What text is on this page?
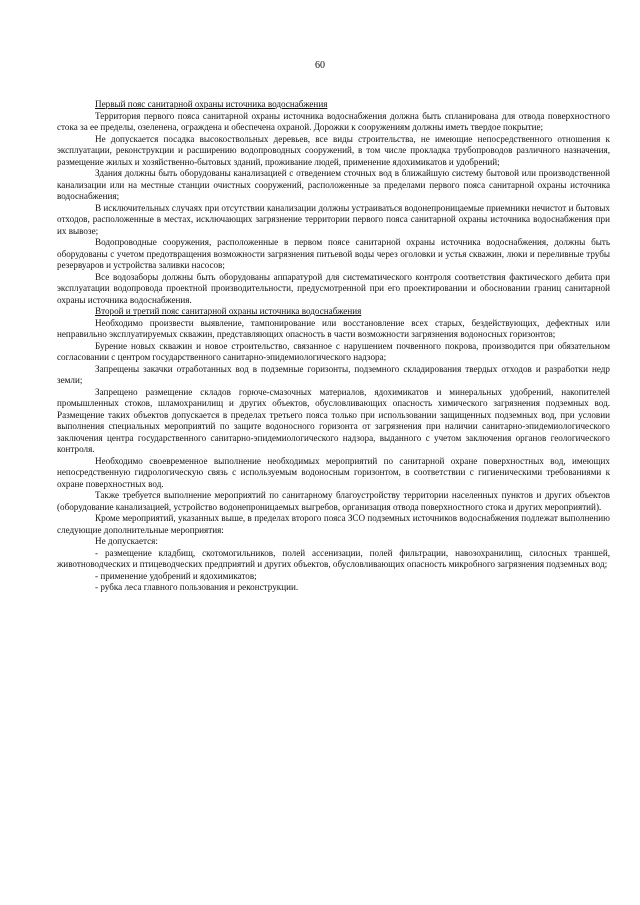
60

Первый пояс санитарной охраны источника водоснабжения

Территория первого пояса санитарной охраны источника водоснабжения должна быть спланирована для отвода поверхностного стока за ее пределы, озеленена, ограждена и обеспечена охраной. Дорожки к сооружениям должны иметь твердое покрытие;

Не допускается посадка высокоствольных деревьев, все виды строительства, не имеющие непосредственного отношения к эксплуатации, реконструкции и расширению водопроводных сооружений, в том числе прокладка трубопроводов различного назначения, размещение жилых и хозяйственно-бытовых зданий, проживание людей, применение ядохимикатов и удобрений;

Здания должны быть оборудованы канализацией с отведением сточных вод в ближайшую систему бытовой или производственной канализации или на местные станции очистных сооружений, расположенные за пределами первого пояса санитарной охраны источника водоснабжения;

В исключительных случаях при отсутствии канализации должны устраиваться водонепроницаемые приемники нечистот и бытовых отходов, расположенные в местах, исключающих загрязнение территории первого пояса санитарной охраны источника водоснабжения при их вывозе;

Водопроводные сооружения, расположенные в первом поясе санитарной охраны источника водоснабжения, должны быть оборудованы с учетом предотвращения возможности загрязнения питьевой воды через оголовки и устья скважин, люки и переливные трубы резервуаров и устройства заливки насосов;

Все водозаборы должны быть оборудованы аппаратурой для систематического контроля соответствия фактического дебита при эксплуатации водопровода проектной производительности, предусмотренной при его проектировании и обосновании границ санитарной охраны источника водоснабжения.

Второй и третий пояс санитарной охраны источника водоснабжения

Необходимо произвести выявление, тампонирование или восстановление всех старых, бездействующих, дефектных или неправильно эксплуатируемых скважин, представляющих опасность в части возможности загрязнения водоносных горизонтов;

Бурение новых скважин и новое строительство, связанное с нарушением почвенного покрова, производится при обязательном согласовании с центром государственного санитарно-эпидемиологического надзора;

Запрещены закачки отработанных вод в подземные горизонты, подземного складирования твердых отходов и разработки недр земли;

Запрещено размещение складов горюче-смазочных материалов, ядохимикатов и минеральных удобрений, накопителей промышленных стоков, шламохранилищ и других объектов, обусловливающих опасность химического загрязнения подземных вод. Размещение таких объектов допускается в пределах третьего пояса только при использовании защищенных подземных вод, при условии выполнения специальных мероприятий по защите водоносного горизонта от загрязнения при наличии санитарно-эпидемиологического заключения центра государственного санитарно-эпидемиологического надзора, выданного с учетом заключения органов геологического контроля.

Необходимо своевременное выполнение необходимых мероприятий по санитарной охране поверхностных вод, имеющих непосредственную гидрологическую связь с используемым водоносным горизонтом, в соответствии с гигиеническими требованиями к охране поверхностных вод.

Также требуется выполнение мероприятий по санитарному благоустройству территории населенных пунктов и других объектов (оборудование канализацией, устройство водонепроницаемых выгребов, организация отвода поверхностного стока и других мероприятий).

Кроме мероприятий, указанных выше, в пределах второго пояса ЗСО подземных источников водоснабжения подлежат выполнению следующие дополнительные мероприятия:

Не допускается:

- размещение кладбищ, скотомогильников, полей ассенизации, полей фильтрации, навозохранилищ, силосных траншей, животноводческих и птицеводческих предприятий и других объектов, обусловливающих опасность микробного загрязнения подземных вод;

- применение удобрений и ядохимикатов;

- рубка леса главного пользования и реконструкции.
